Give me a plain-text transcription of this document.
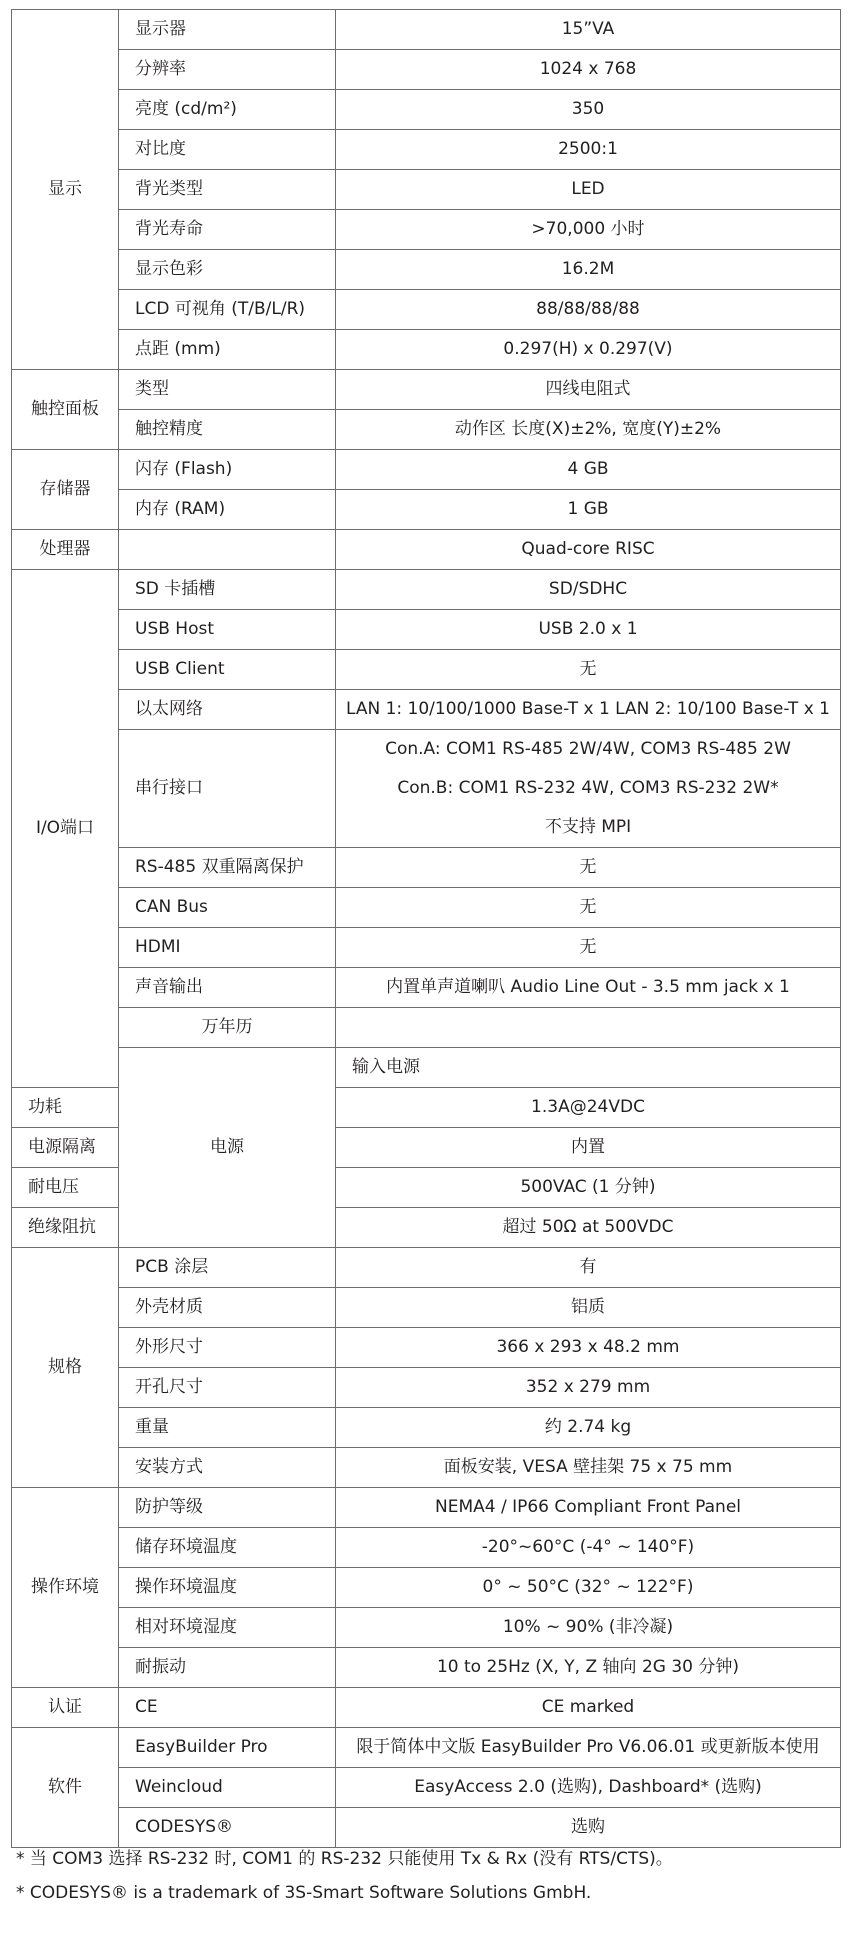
显示	显示器	15”VA	
	分辨率	1024 x 768	
	亮度 (cd/m²)	350	
	对比度	2500:1	
	背光类型	LED	
	背光寿命	>70,000 小时	
	显示色彩	16.2M	
	LCD 可视角 (T/B/L/R)	88/88/88/88	
	点距 (mm)	0.297(H) x 0.297(V)	
触控面板	类型	四线电阻式	
	触控精度	动作区 长度(X)±2%, 宽度(Y)±2%	
存储器	闪存 (Flash)	4 GB	
	内存 (RAM)	1 GB	
处理器		Quad-core RISC	
I/O端口	SD 卡插槽	SD/SDHC	
	USB Host	USB 2.0 x 1	
	USB Client	无	
	以太网络	LAN 1: 10/100/1000 Base-T x 1 LAN 2: 10/100 Base-T x 1	
	串行接口	Con.A: COM1 RS-485 2W/4W, COM3 RS-485 2W
Con.B: COM1 RS-232 4W, COM3 RS-232 2W*
不支持 MPI	

	RS-485 双重隔离保护	无	
	CAN Bus	无	
	HDMI	无	
	声音输出	内置单声道喇叭 Audio Line Out - 3.5 mm jack x 1	
	万年历		
	电源	输入电源	
功耗		1.3A@24VDC	
电源隔离		内置	
耐电压		500VAC (1 分钟)	
绝缘阻抗		超过 50Ω at 500VDC	
规格	PCB 涂层	有	
	外壳材质	铝质	
	外形尺寸	366 x 293 x 48.2 mm	
	开孔尺寸	352 x 279 mm	
	重量	约 2.74 kg	
	安装方式	面板安装, VESA 壁挂架 75 x 75 mm	
操作环境	防护等级	NEMA4 / IP66 Compliant Front Panel	
	储存环境温度	-20°~60°C (-4° ~ 140°F)	
	操作环境温度	0° ~ 50°C (32° ~ 122°F)	
	相对环境湿度	10% ~ 90% (非冷凝)	
	耐振动	10 to 25Hz (X, Y, Z 轴向 2G 30 分钟)	
认证	CE	CE marked	
软件	EasyBuilder Pro	限于简体中文版 EasyBuilder Pro V6.06.01 或更新版本使用	
	Weincloud	EasyAccess 2.0 (选购), Dashboard* (选购)	
	CODESYS®	选购	

* 当 COM3 选择 RS-232 时, COM1 的 RS-232 只能使用 Tx & Rx (没有 RTS/CTS)。

* CODESYS® is a trademark of 3S-Smart Software Solutions GmbH.
